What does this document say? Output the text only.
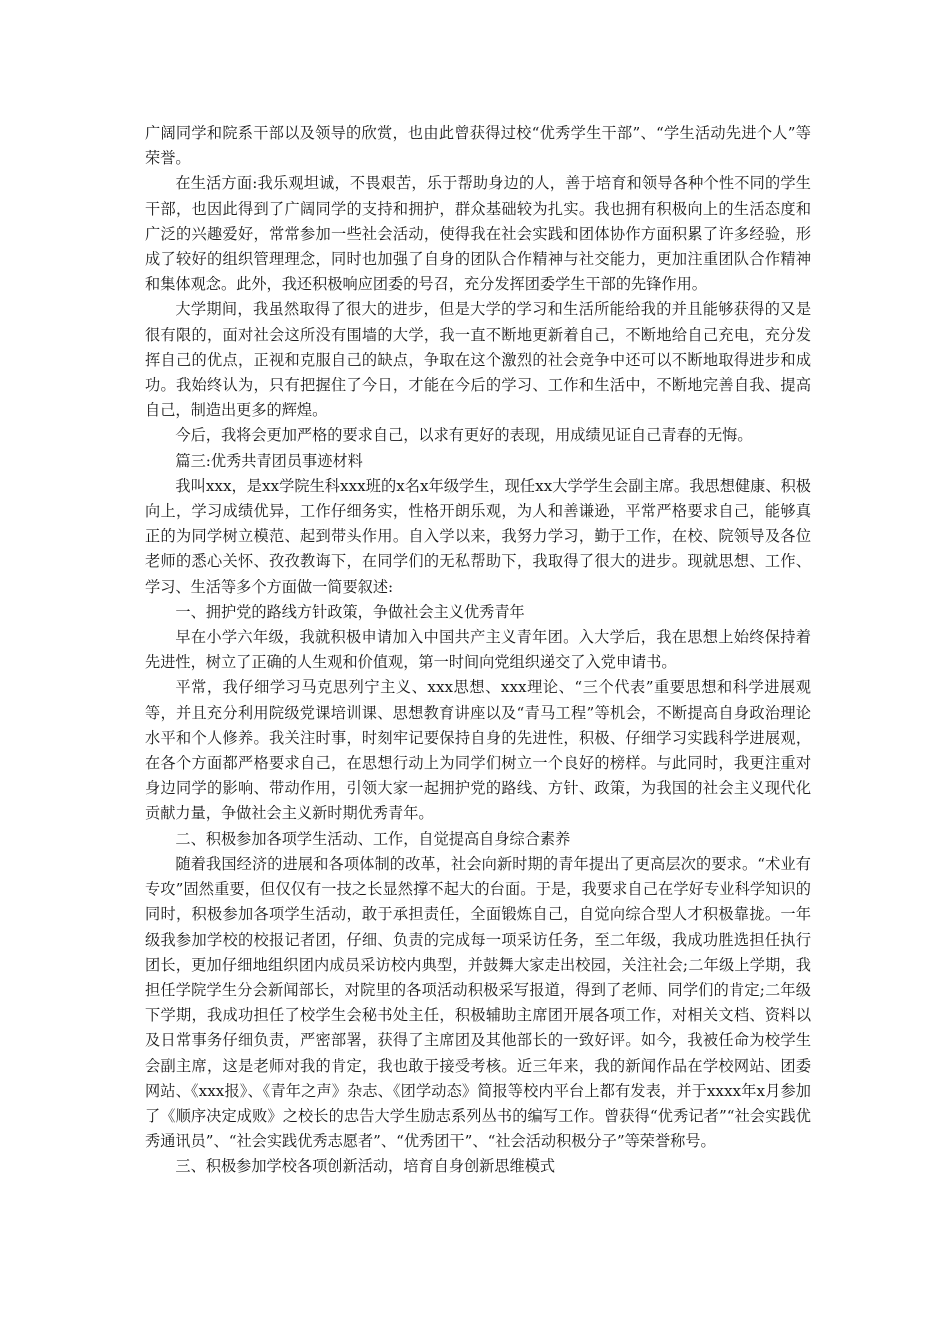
广阔同学和院系干部以及领导的欣赏，也由此曾获得过校“优秀学生干部”、“学生活动先进个人”等荣誉。

在生活方面:我乐观坦诚，不畏艰苦，乐于帮助身边的人，善于培育和领导各种个性不同的学生干部，也因此得到了广阔同学的支持和拥护，群众基础较为扎实。我也拥有积极向上的生活态度和广泛的兴趣爱好，常常参加一些社会活动，使得我在社会实践和团体协作方面积累了许多经验，形成了较好的组织管理理念，同时也加强了自身的团队合作精神与社交能力，更加注重团队合作精神和集体观念。此外，我还积极响应团委的号召，充分发挥团委学生干部的先锋作用。

大学期间，我虽然取得了很大的进步，但是大学的学习和生活所能给我的并且能够获得的又是很有限的，面对社会这所没有围墙的大学，我一直不断地更新着自己，不断地给自己充电，充分发挥自己的优点，正视和克服自己的缺点，争取在这个激烈的社会竞争中还可以不断地取得进步和成功。我始终认为，只有把握住了今日，才能在今后的学习、工作和生活中，不断地完善自我、提高自己，制造出更多的辉煌。

今后，我将会更加严格的要求自己，以求有更好的表现，用成绩见证自己青春的无悔。

篇三:优秀共青团员事迹材料

我叫xxx，是xx学院生科xxx班的x名x年级学生，现任xx大学学生会副主席。我思想健康、积极向上，学习成绩优异，工作仔细务实，性格开朗乐观，为人和善谦逊，平常严格要求自己，能够真正的为同学树立模范、起到带头作用。自入学以来，我努力学习，勤于工作，在校、院领导及各位老师的悉心关怀、孜孜教诲下，在同学们的无私帮助下，我取得了很大的进步。现就思想、工作、学习、生活等多个方面做一简要叙述:

一、拥护党的路线方针政策，争做社会主义优秀青年

早在小学六年级，我就积极申请加入中国共产主义青年团。入大学后，我在思想上始终保持着先进性，树立了正确的人生观和价值观，第一时间向党组织递交了入党申请书。

平常，我仔细学习马克思列宁主义、xxx思想、xxx理论、“三个代表”重要思想和科学进展观等，并且充分利用院级党课培训课、思想教育讲座以及“青马工程”等机会，不断提高自身政治理论水平和个人修养。我关注时事，时刻牢记要保持自身的先进性，积极、仔细学习实践科学进展观，在各个方面都严格要求自己，在思想行动上为同学们树立一个良好的榜样。与此同时，我更注重对身边同学的影响、带动作用，引领大家一起拥护党的路线、方针、政策，为我国的社会主义现代化贡献力量，争做社会主义新时期优秀青年。

二、积极参加各项学生活动、工作，自觉提高自身综合素养

随着我国经济的进展和各项体制的改革，社会向新时期的青年提出了更高层次的要求。“术业有专攻”固然重要，但仅仅有一技之长显然撑不起大的台面。于是，我要求自己在学好专业科学知识的同时，积极参加各项学生活动，敢于承担责任，全面锻炼自己，自觉向综合型人才积极靠拢。一年级我参加学校的校报记者团，仔细、负责的完成每一项采访任务，至二年级，我成功胜选担任执行团长，更加仔细地组织团内成员采访校内典型，并鼓舞大家走出校园，关注社会;二年级上学期，我担任学院学生分会新闻部长，对院里的各项活动积极采写报道，得到了老师、同学们的肯定;二年级下学期，我成功担任了校学生会秘书处主任，积极辅助主席团开展各项工作，对相关文档、资料以及日常事务仔细负责，严密部署，获得了主席团及其他部长的一致好评。如今，我被任命为校学生会副主席，这是老师对我的肯定，我也敢于接受考核。近三年来，我的新闻作品在学校网站、团委网站、《xxx报》、《青年之声》杂志、《团学动态》简报等校内平台上都有发表，并于xxxx年x月参加了《顺序决定成败》之校长的忠告大学生励志系列丛书的编写工作。曾获得“优秀记者”“社会实践优秀通讯员”、“社会实践优秀志愿者”、“优秀团干”、“社会活动积极分子”等荣誉称号。

三、积极参加学校各项创新活动，培育自身创新思维模式
